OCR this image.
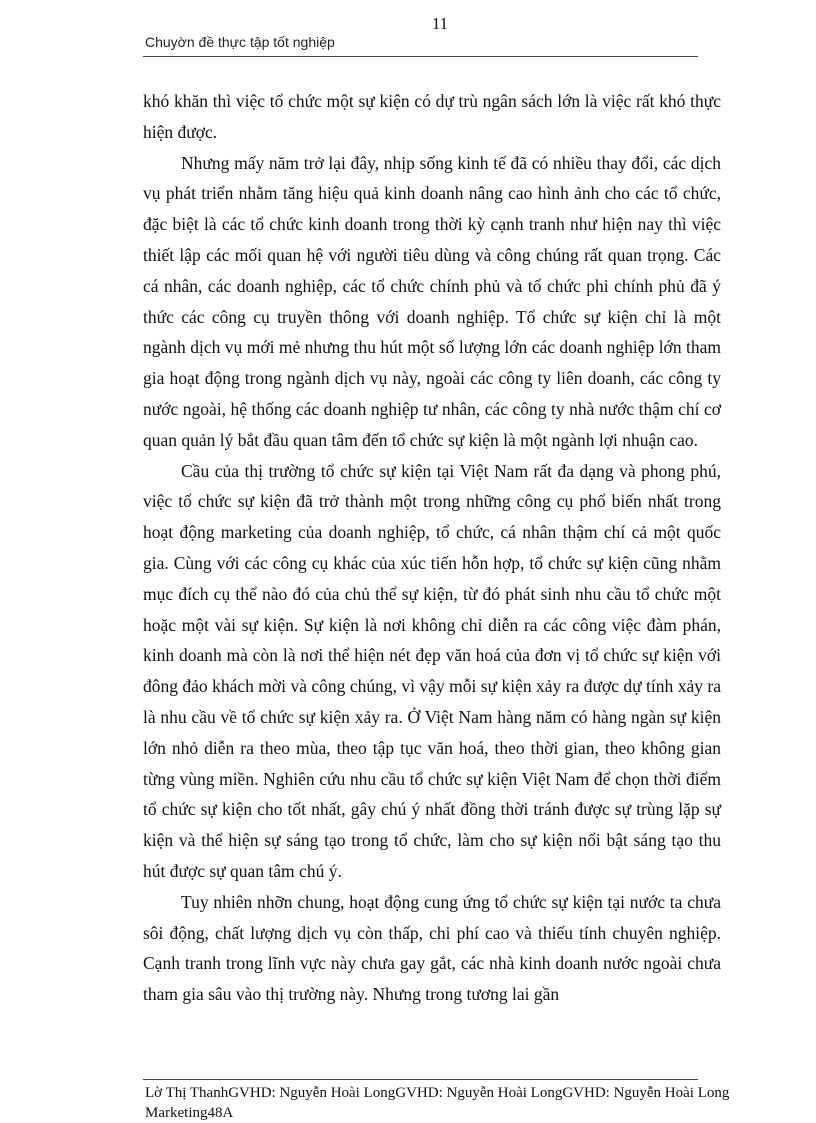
11
Chuyờn đề thực tập tốt nghiệp

khó khăn thì việc tổ chức một sự kiện có dự trù ngân sách lớn là việc rất khó thực hiện được.

Nhưng mấy năm trở lại đây, nhịp sống kinh tế đã có nhiều thay đổi, các dịch vụ phát triển nhằm tăng hiệu quả kinh doanh nâng cao hình ảnh cho các tổ chức, đặc biệt là các tổ chức kinh doanh trong thời kỳ cạnh tranh như hiện nay thì việc thiết lập các mối quan hệ với người tiêu dùng và công chúng rất quan trọng. Các cá nhân, các doanh nghiệp, các tổ chức chính phủ và tổ chức phi chính phủ đã ý thức các công cụ truyền thông với doanh nghiệp. Tổ chức sự kiện chỉ là một ngành dịch vụ mới mẻ nhưng thu hút một số lượng lớn các doanh nghiệp lớn tham gia hoạt động trong ngành dịch vụ này, ngoài các công ty liên doanh, các công ty nước ngoài, hệ thống các doanh nghiệp tư nhân, các công ty nhà nước thậm chí cơ quan quản lý bắt đầu quan tâm đến tổ chức sự kiện là một ngành lợi nhuận cao.

Cầu của thị trường tổ chức sự kiện tại Việt Nam rất đa dạng và phong phú, việc tổ chức sự kiện đã trở thành một trong những công cụ phổ biến nhất trong hoạt động marketing của doanh nghiệp, tổ chức, cá nhân thậm chí cả một quốc gia. Cùng với các công cụ khác của xúc tiến hỗn hợp, tổ chức sự kiện cũng nhằm mục đích cụ thể nào đó của chủ thể sự kiện, từ đó phát sinh nhu cầu tổ chức một hoặc một vài sự kiện. Sự kiện là nơi không chỉ diễn ra các công việc đàm phán, kinh doanh mà còn là nơi thể hiện nét đẹp văn hoá của đơn vị tổ chức sự kiện với đông đảo khách mời và công chúng, vì vậy mỗi sự kiện xảy ra được dự tính xảy ra là nhu cầu về tổ chức sự kiện xảy ra. Ở Việt Nam hàng năm có hàng ngàn sự kiện lớn nhỏ diễn ra theo mùa, theo tập tục văn hoá, theo thời gian, theo không gian từng vùng miền. Nghiên cứu nhu cầu tổ chức sự kiện Việt Nam để chọn thời điểm tổ chức sự kiện cho tốt nhất, gây chú ý nhất đồng thời tránh được sự trùng lặp sự kiện và thể hiện sự sáng tạo trong tổ chức, làm cho sự kiện nổi bật sáng tạo thu hút được sự quan tâm chú ý.

Tuy nhiên nhỡn chung, hoạt động cung ứng tổ chức sự kiện tại nước ta chưa sôi động, chất lượng dịch vụ còn thấp, chi phí cao và thiếu tính chuyên nghiệp. Cạnh tranh trong lĩnh vực này chưa gay gắt, các nhà kinh doanh nước ngoài chưa tham gia sâu vào thị trường này. Nhưng trong tương lai gần

Lờ Thị ThanhGVHD: Nguyễn Hoài LongGVHD: Nguyễn Hoài LongGVHD: Nguyễn Hoài Long
Marketing48A
